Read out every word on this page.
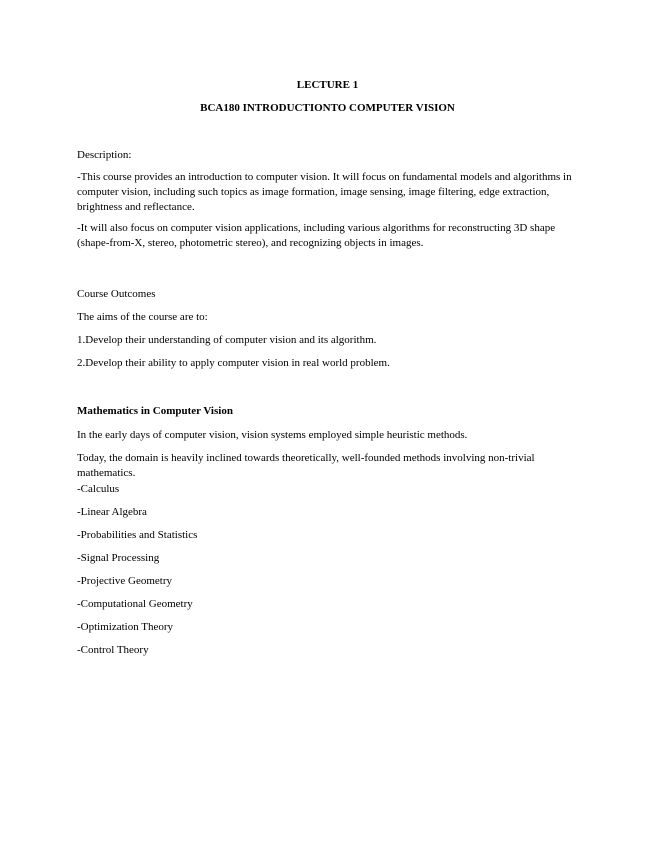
LECTURE 1
BCA180 INTRODUCTIONTO COMPUTER VISION
Description:
-This course provides an introduction to computer vision. It will focus on fundamental models and algorithms in computer vision, including such topics as image formation, image sensing, image filtering, edge extraction, brightness and reflectance.
-It will also focus on computer vision applications, including various algorithms for reconstructing 3D shape (shape-from-X, stereo, photometric stereo), and recognizing objects in images.
Course Outcomes
The aims of the course are to:
1.Develop their understanding of computer vision and its algorithm.
2.Develop their ability to apply computer vision in real world problem.
Mathematics in Computer Vision
In the early days of computer vision, vision systems employed simple heuristic methods.
Today, the domain is heavily inclined towards theoretically, well-founded methods involving non-trivial mathematics.
-Calculus
-Linear Algebra
-Probabilities and Statistics
-Signal Processing
-Projective Geometry
-Computational Geometry
-Optimization Theory
-Control Theory
